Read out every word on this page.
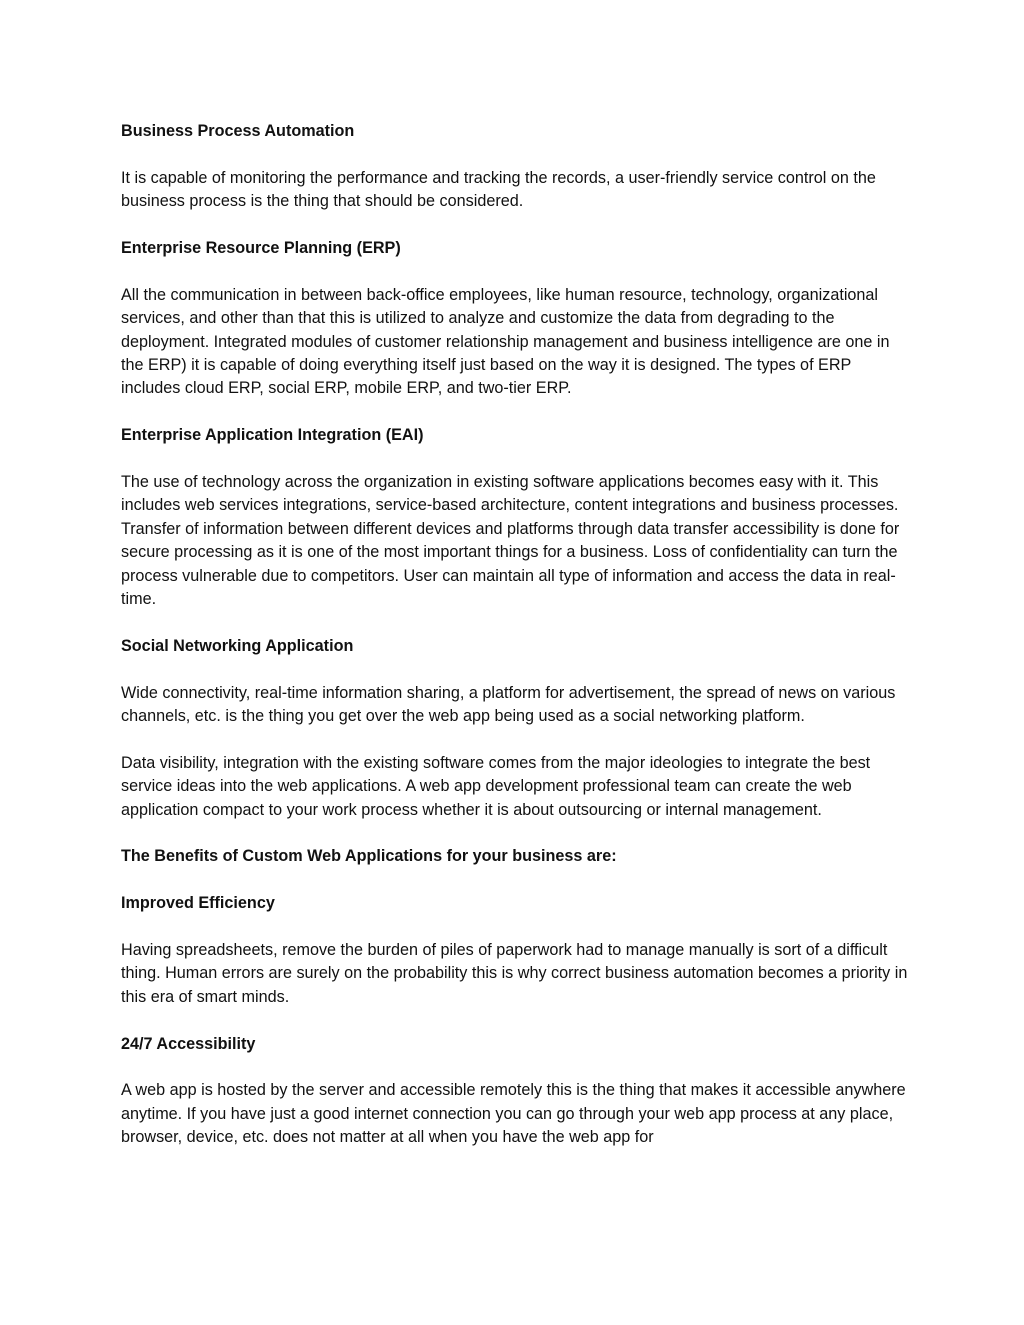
Business Process Automation
It is capable of monitoring the performance and tracking the records, a user-friendly service control on the business process is the thing that should be considered.
Enterprise Resource Planning (ERP)
All the communication in between back-office employees, like human resource, technology, organizational services, and other than that this is utilized to analyze and customize the data from degrading to the deployment. Integrated modules of customer relationship management and business intelligence are one in the ERP) it is capable of doing everything itself just based on the way it is designed. The types of ERP includes cloud ERP, social ERP, mobile ERP, and two-tier ERP.
Enterprise Application Integration (EAI)
The use of technology across the organization in existing software applications becomes easy with it. This includes web services integrations, service-based architecture, content integrations and business processes. Transfer of information between different devices and platforms through data transfer accessibility is done for secure processing as it is one of the most important things for a business. Loss of confidentiality can turn the process vulnerable due to competitors. User can maintain all type of information and access the data in real-time.
Social Networking Application
Wide connectivity, real-time information sharing, a platform for advertisement, the spread of news on various channels, etc. is the thing you get over the web app being used as a social networking platform.
Data visibility, integration with the existing software comes from the major ideologies to integrate the best service ideas into the web applications. A web app development professional team can create the web application compact to your work process whether it is about outsourcing or internal management.
The Benefits of Custom Web Applications for your business are:
Improved Efficiency
Having spreadsheets, remove the burden of piles of paperwork had to manage manually is sort of a difficult thing. Human errors are surely on the probability this is why correct business automation becomes a priority in this era of smart minds.
24/7 Accessibility
A web app is hosted by the server and accessible remotely this is the thing that makes it accessible anywhere anytime. If you have just a good internet connection you can go through your web app process at any place, browser, device, etc. does not matter at all when you have the web app for
